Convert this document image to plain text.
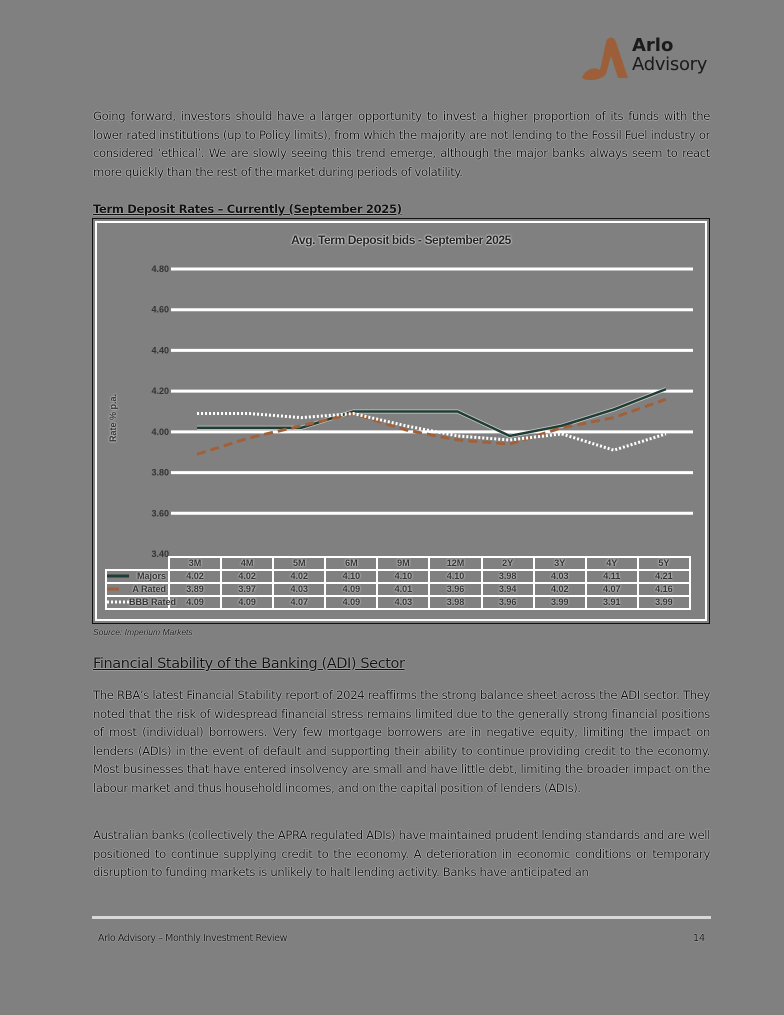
Arlo
Advisory
Going forward, investors should have a larger opportunity to invest a higher proportion of its funds with the lower rated institutions (up to Policy limits), from which the majority are not lending to the Fossil Fuel industry or considered ‘ethical’. We are slowly seeing this trend emerge, although the major banks always seem to react more quickly than the rest of the market during periods of volatility.
Term Deposit Rates – Currently (September 2025)
Avg. Term Deposit bids - September 2025
Rate % p.a.
4.80
4.60
4.40
4.20
4.00
3.80
3.60
3.40
	3M	4M	5M	6M	9M	12M	2Y	3Y	4Y	5Y

Majors	4.02	4.02	4.02	4.10	4.10	4.10	3.98	4.03	4.11	4.21

A Rated	3.89	3.97	4.03	4.09	4.01	3.96	3.94	4.02	4.07	4.16

BBB Rated	4.09	4.09	4.07	4.09	4.03	3.98	3.96	3.99	3.91	3.99
Source: Imperium Markets
Financial Stability of the Banking (ADI) Sector
The RBA’s latest Financial Stability report of 2024 reaffirms the strong balance sheet across the ADI sector. They noted that the risk of widespread financial stress remains limited due to the generally strong financial positions of most (individual) borrowers. Very few mortgage borrowers are in negative equity, limiting the impact on lenders (ADIs) in the event of default and supporting their ability to continue providing credit to the economy. Most businesses that have entered insolvency are small and have little debt, limiting the broader impact on the labour market and thus household incomes, and on the capital position of lenders (ADIs).
Australian banks (collectively the APRA regulated ADIs) have maintained prudent lending standards and are well positioned to continue supplying credit to the economy. A deterioration in economic conditions or temporary disruption to funding markets is unlikely to halt lending activity. Banks have anticipated an
Arlo Advisory – Monthly Investment Review	14
